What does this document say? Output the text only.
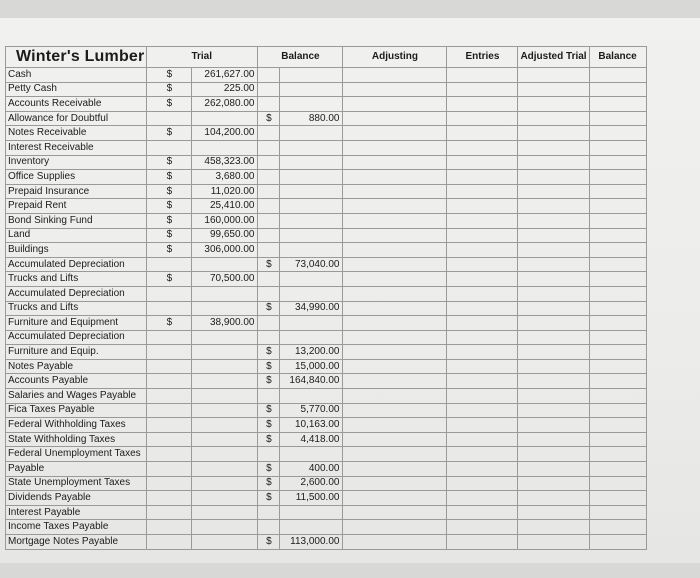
Winter's Lumber	Trial		Balance		Adjusting	Entries	Adjusted Trial	Balance
Cash	$	261,627.00						
Petty Cash	$	225.00						
Accounts Receivable	$	262,080.00						
Allowance for Doubtful			$	880.00				
Notes Receivable	$	104,200.00						
Interest Receivable								
Inventory	$	458,323.00						
Office Supplies	$	3,680.00						
Prepaid Insurance	$	11,020.00						
Prepaid Rent	$	25,410.00						
Bond Sinking Fund	$	160,000.00						
Land	$	99,650.00						
Buildings	$	306,000.00						
Accumulated Depreciation			$	73,040.00				
Trucks and Lifts	$	70,500.00						
Accumulated Depreciation								
Trucks and Lifts			$	34,990.00				
Furniture and Equipment	$	38,900.00						
Accumulated Depreciation								
Furniture and Equip.			$	13,200.00				
Notes Payable			$	15,000.00				
Accounts Payable			$	164,840.00				
Salaries and Wages Payable								
Fica Taxes Payable			$	5,770.00				
Federal Withholding Taxes			$	10,163.00				
State Withholding Taxes			$	4,418.00				
Federal Unemployment Taxes								
Payable			$	400.00				
State Unemployment Taxes			$	2,600.00				
Dividends Payable			$	11,500.00				
Interest Payable								
Income Taxes Payable								
Mortgage Notes Payable			$	113,000.00				
